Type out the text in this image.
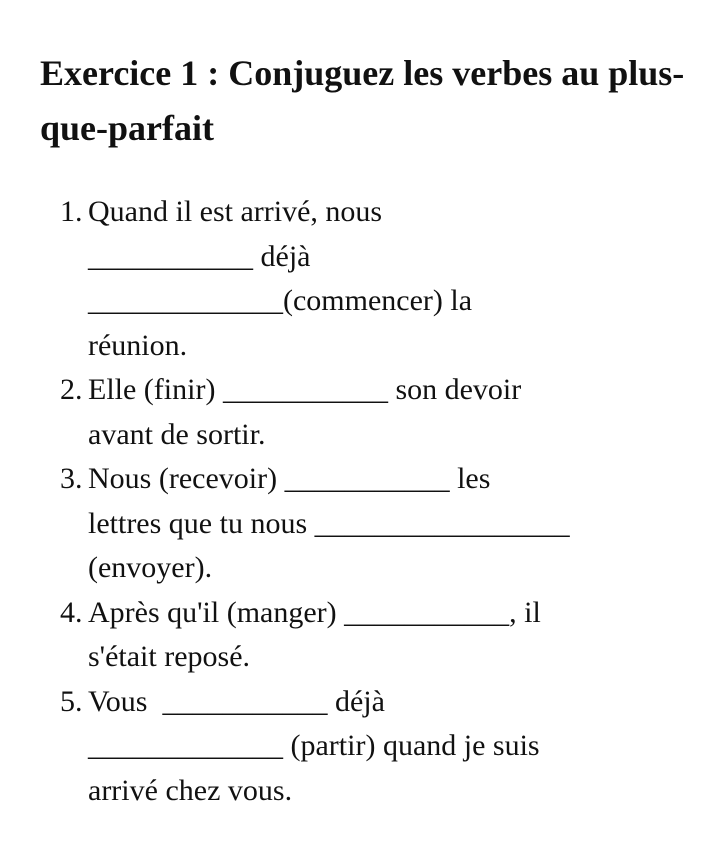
Exercice 1 : Conjuguez les verbes au plus-que-parfait
1. Quand il est arrivé, nous
___________ déjà
_____________(commencer) la
réunion.
2. Elle (finir) ___________ son devoir
avant de sortir.
3. Nous (recevoir) ___________ les
lettres que tu nous _________________
(envoyer).
4. Après qu'il (manger) ___________, il
s'était reposé.
5. Vous  ___________ déjà
_____________ (partir) quand je suis
arrivé chez vous.
